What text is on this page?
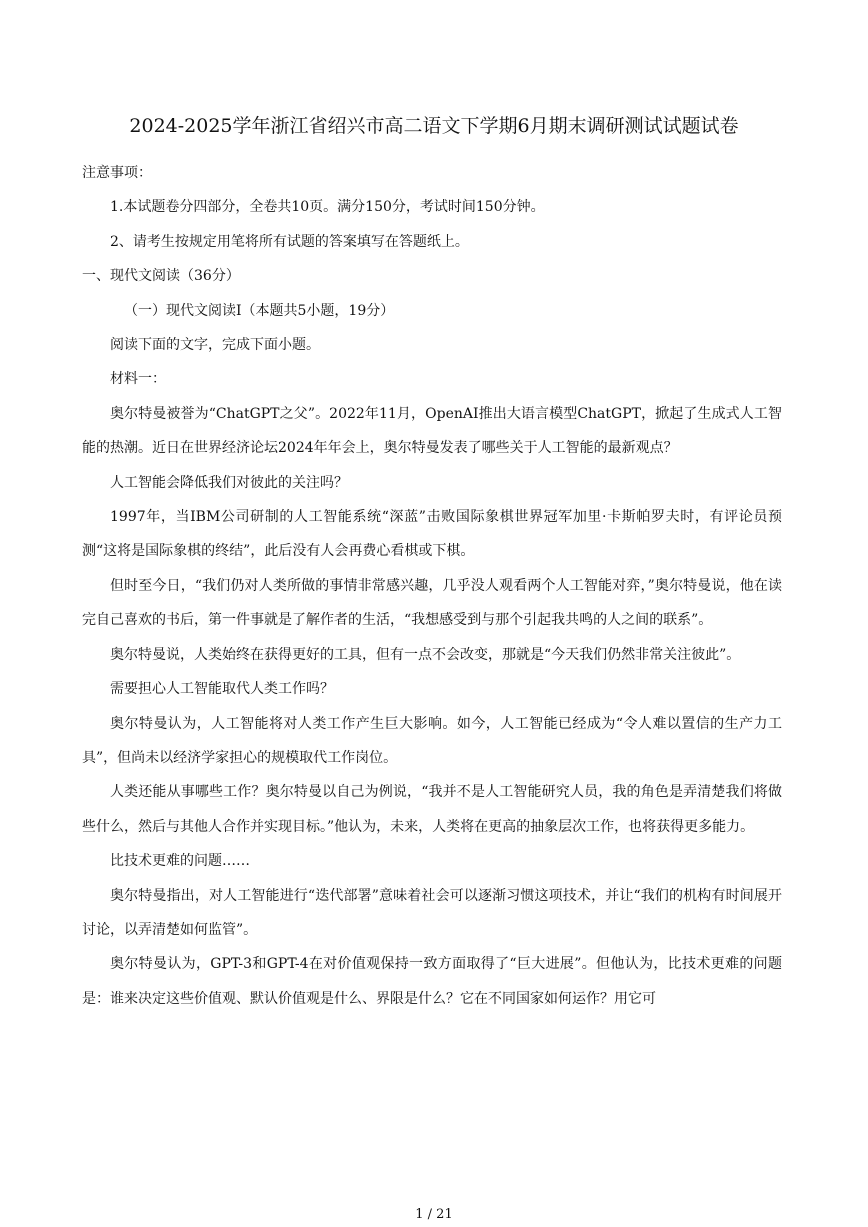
2024-2025学年浙江省绍兴市高二语文下学期6月期末调研测试试题试卷

注意事项：

1.本试题卷分四部分，全卷共10页。满分150分，考试时间150分钟。

2、请考生按规定用笔将所有试题的答案填写在答题纸上。

一、现代文阅读（36分）

（一）现代文阅读Ⅰ（本题共5小题，19分）

阅读下面的文字，完成下面小题。

材料一：

奥尔特曼被誉为“ChatGPT之父”。2022年11月，OpenAI推出大语言模型ChatGPT，掀起了生成式人工智能的热潮。近日在世界经济论坛2024年年会上，奥尔特曼发表了哪些关于人工智能的最新观点？

人工智能会降低我们对彼此的关注吗？

1997年，当IBM公司研制的人工智能系统“深蓝”击败国际象棋世界冠军加里·卡斯帕罗夫时，有评论员预测“这将是国际象棋的终结”，此后没有人会再费心看棋或下棋。

但时至今日，“我们仍对人类所做的事情非常感兴趣，几乎没人观看两个人工智能对弈，”奥尔特曼说，他在读完自己喜欢的书后，第一件事就是了解作者的生活，“我想感受到与那个引起我共鸣的人之间的联系”。

奥尔特曼说，人类始终在获得更好的工具，但有一点不会改变，那就是“今天我们仍然非常关注彼此”。

需要担心人工智能取代人类工作吗？

奥尔特曼认为，人工智能将对人类工作产生巨大影响。如今，人工智能已经成为“令人难以置信的生产力工具”，但尚未以经济学家担心的规模取代工作岗位。

人类还能从事哪些工作？奥尔特曼以自己为例说，“我并不是人工智能研究人员，我的角色是弄清楚我们将做些什么，然后与其他人合作并实现目标。”他认为，未来，人类将在更高的抽象层次工作，也将获得更多能力。

比技术更难的问题……

奥尔特曼指出，对人工智能进行“迭代部署”意味着社会可以逐渐习惯这项技术，并让“我们的机构有时间展开讨论，以弄清楚如何监管”。

奥尔特曼认为，GPT-3和GPT-4在对价值观保持一致方面取得了“巨大进展”。但他认为，比技术更难的问题是：谁来决定这些价值观、默认价值观是什么、界限是什么？它在不同国家如何运作？用它可

1 / 21
